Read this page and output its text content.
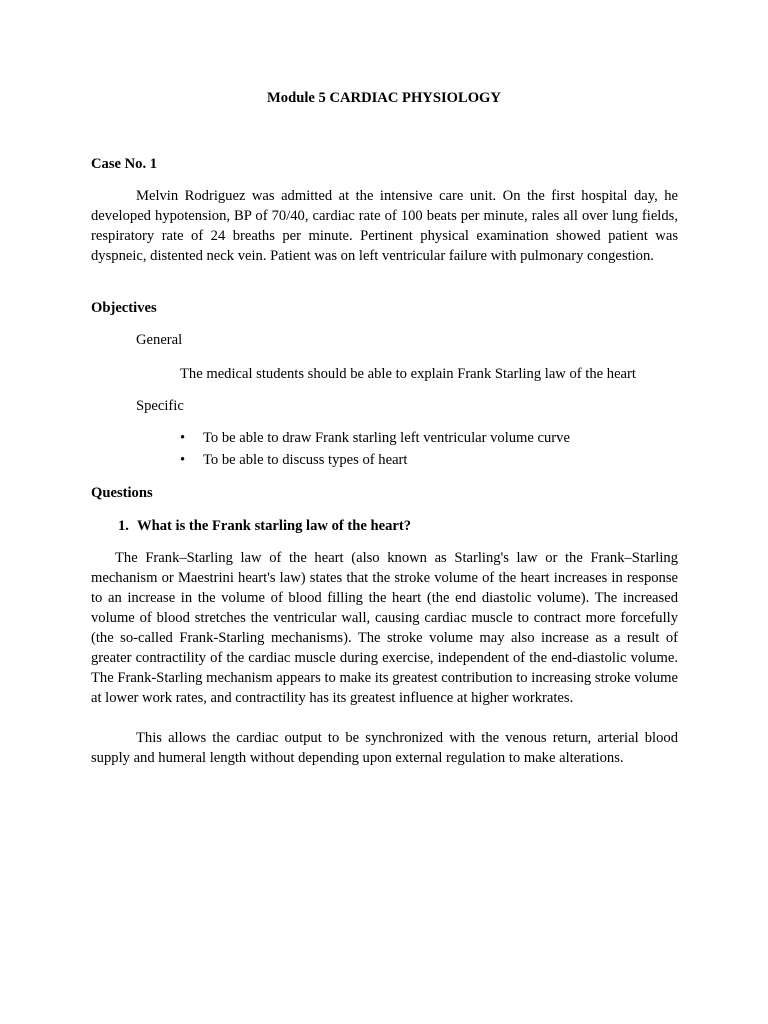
Module 5 CARDIAC PHYSIOLOGY
Case No. 1

Melvin Rodriguez was admitted at the intensive care unit. On the first hospital day, he developed hypotension, BP of 70/40, cardiac rate of 100 beats per minute, rales all over lung fields, respiratory rate of 24 breaths per minute. Pertinent physical examination showed patient was dyspneic, distented neck vein. Patient was on left ventricular failure with pulmonary congestion.

Objectives
General
The medical students should be able to explain Frank Starling law of the heart
Specific
• To be able to draw Frank starling left ventricular volume curve
• To be able to discuss types of heart
Questions
1. What is the Frank starling law of the heart?

The Frank–Starling law of the heart (also known as Starling's law or the Frank–Starling mechanism or Maestrini heart's law) states that the stroke volume of the heart increases in response to an increase in the volume of blood filling the heart (the end diastolic volume). The increased volume of blood stretches the ventricular wall, causing cardiac muscle to contract more forcefully (the so-called Frank-Starling mechanisms). The stroke volume may also increase as a result of greater contractility of the cardiac muscle during exercise, independent of the end-diastolic volume. The Frank-Starling mechanism appears to make its greatest contribution to increasing stroke volume at lower work rates, and contractility has its greatest influence at higher workrates.

This allows the cardiac output to be synchronized with the venous return, arterial blood supply and humeral length without depending upon external regulation to make alterations.
